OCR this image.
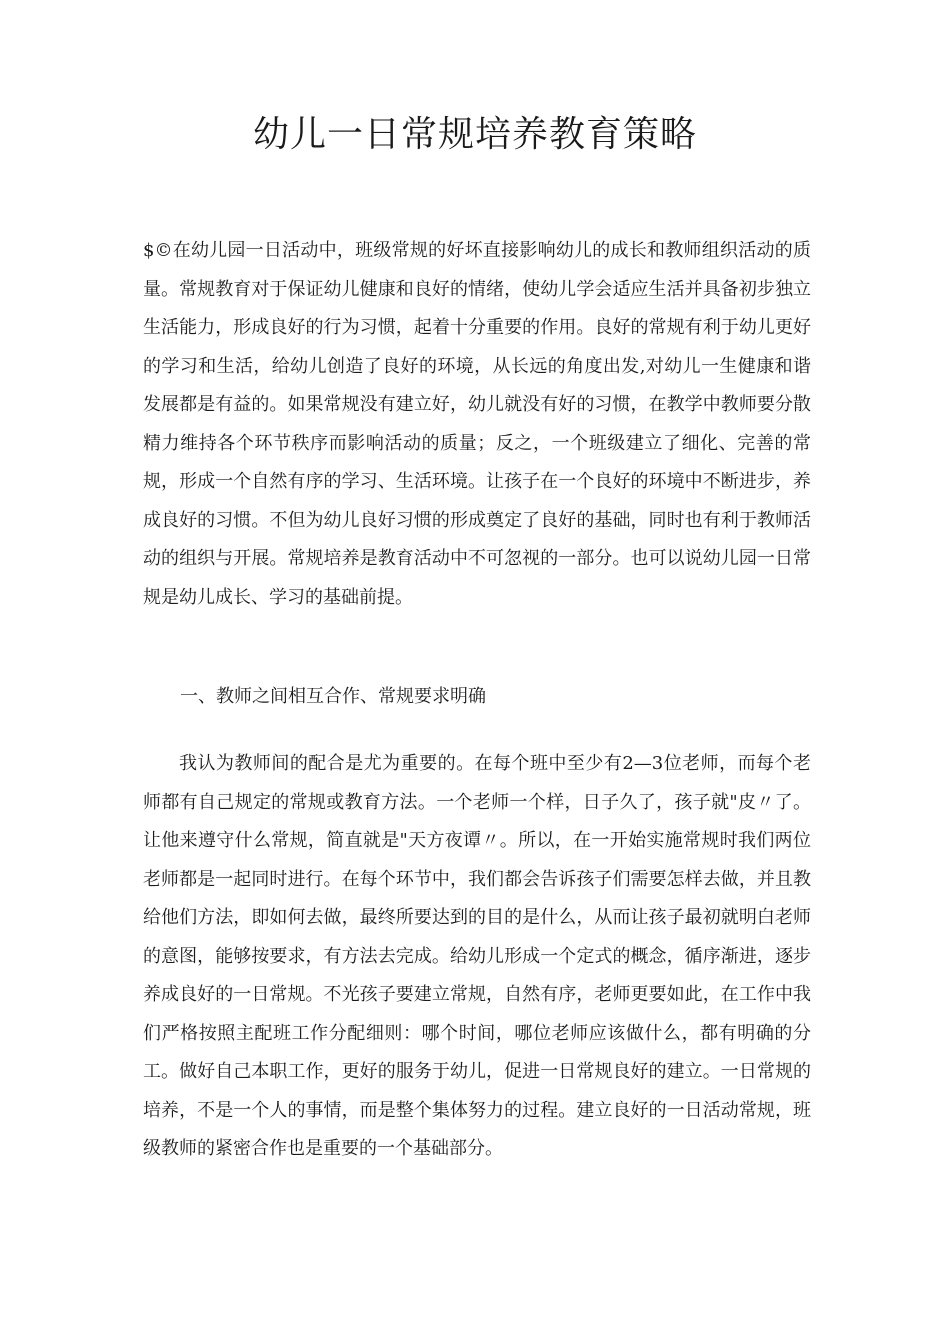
幼儿一日常规培养教育策略

$©在幼儿园一日活动中，班级常规的好坏直接影响幼儿的成长和教师组织活动的质量。常规教育对于保证幼儿健康和良好的情绪，使幼儿学会适应生活并具备初步独立生活能力，形成良好的行为习惯，起着十分重要的作用。良好的常规有利于幼儿更好的学习和生活，给幼儿创造了良好的环境，从长远的角度出发,对幼儿一生健康和谐发展都是有益的。如果常规没有建立好，幼儿就没有好的习惯，在教学中教师要分散精力维持各个环节秩序而影响活动的质量；反之，一个班级建立了细化、完善的常规，形成一个自然有序的学习、生活环境。让孩子在一个良好的环境中不断进步，养成良好的习惯。不但为幼儿良好习惯的形成奠定了良好的基础，同时也有利于教师活动的组织与开展。常规培养是教育活动中不可忽视的一部分。也可以说幼儿园一日常规是幼儿成长、学习的基础前提。

一、教师之间相互合作、常规要求明确

我认为教师间的配合是尤为重要的。在每个班中至少有2—3位老师，而每个老师都有自己规定的常规或教育方法。一个老师一个样，日子久了，孩子就"皮〃了。让他来遵守什么常规，简直就是"天方夜谭〃。所以，在一开始实施常规时我们两位老师都是一起同时进行。在每个环节中，我们都会告诉孩子们需要怎样去做，并且教给他们方法，即如何去做，最终所要达到的目的是什么，从而让孩子最初就明白老师的意图，能够按要求，有方法去完成。给幼儿形成一个定式的概念，循序渐进，逐步养成良好的一日常规。不光孩子要建立常规，自然有序，老师更要如此，在工作中我们严格按照主配班工作分配细则：哪个时间，哪位老师应该做什么，都有明确的分工。做好自己本职工作，更好的服务于幼儿，促进一日常规良好的建立。一日常规的培养，不是一个人的事情，而是整个集体努力的过程。建立良好的一日活动常规，班级教师的紧密合作也是重要的一个基础部分。
